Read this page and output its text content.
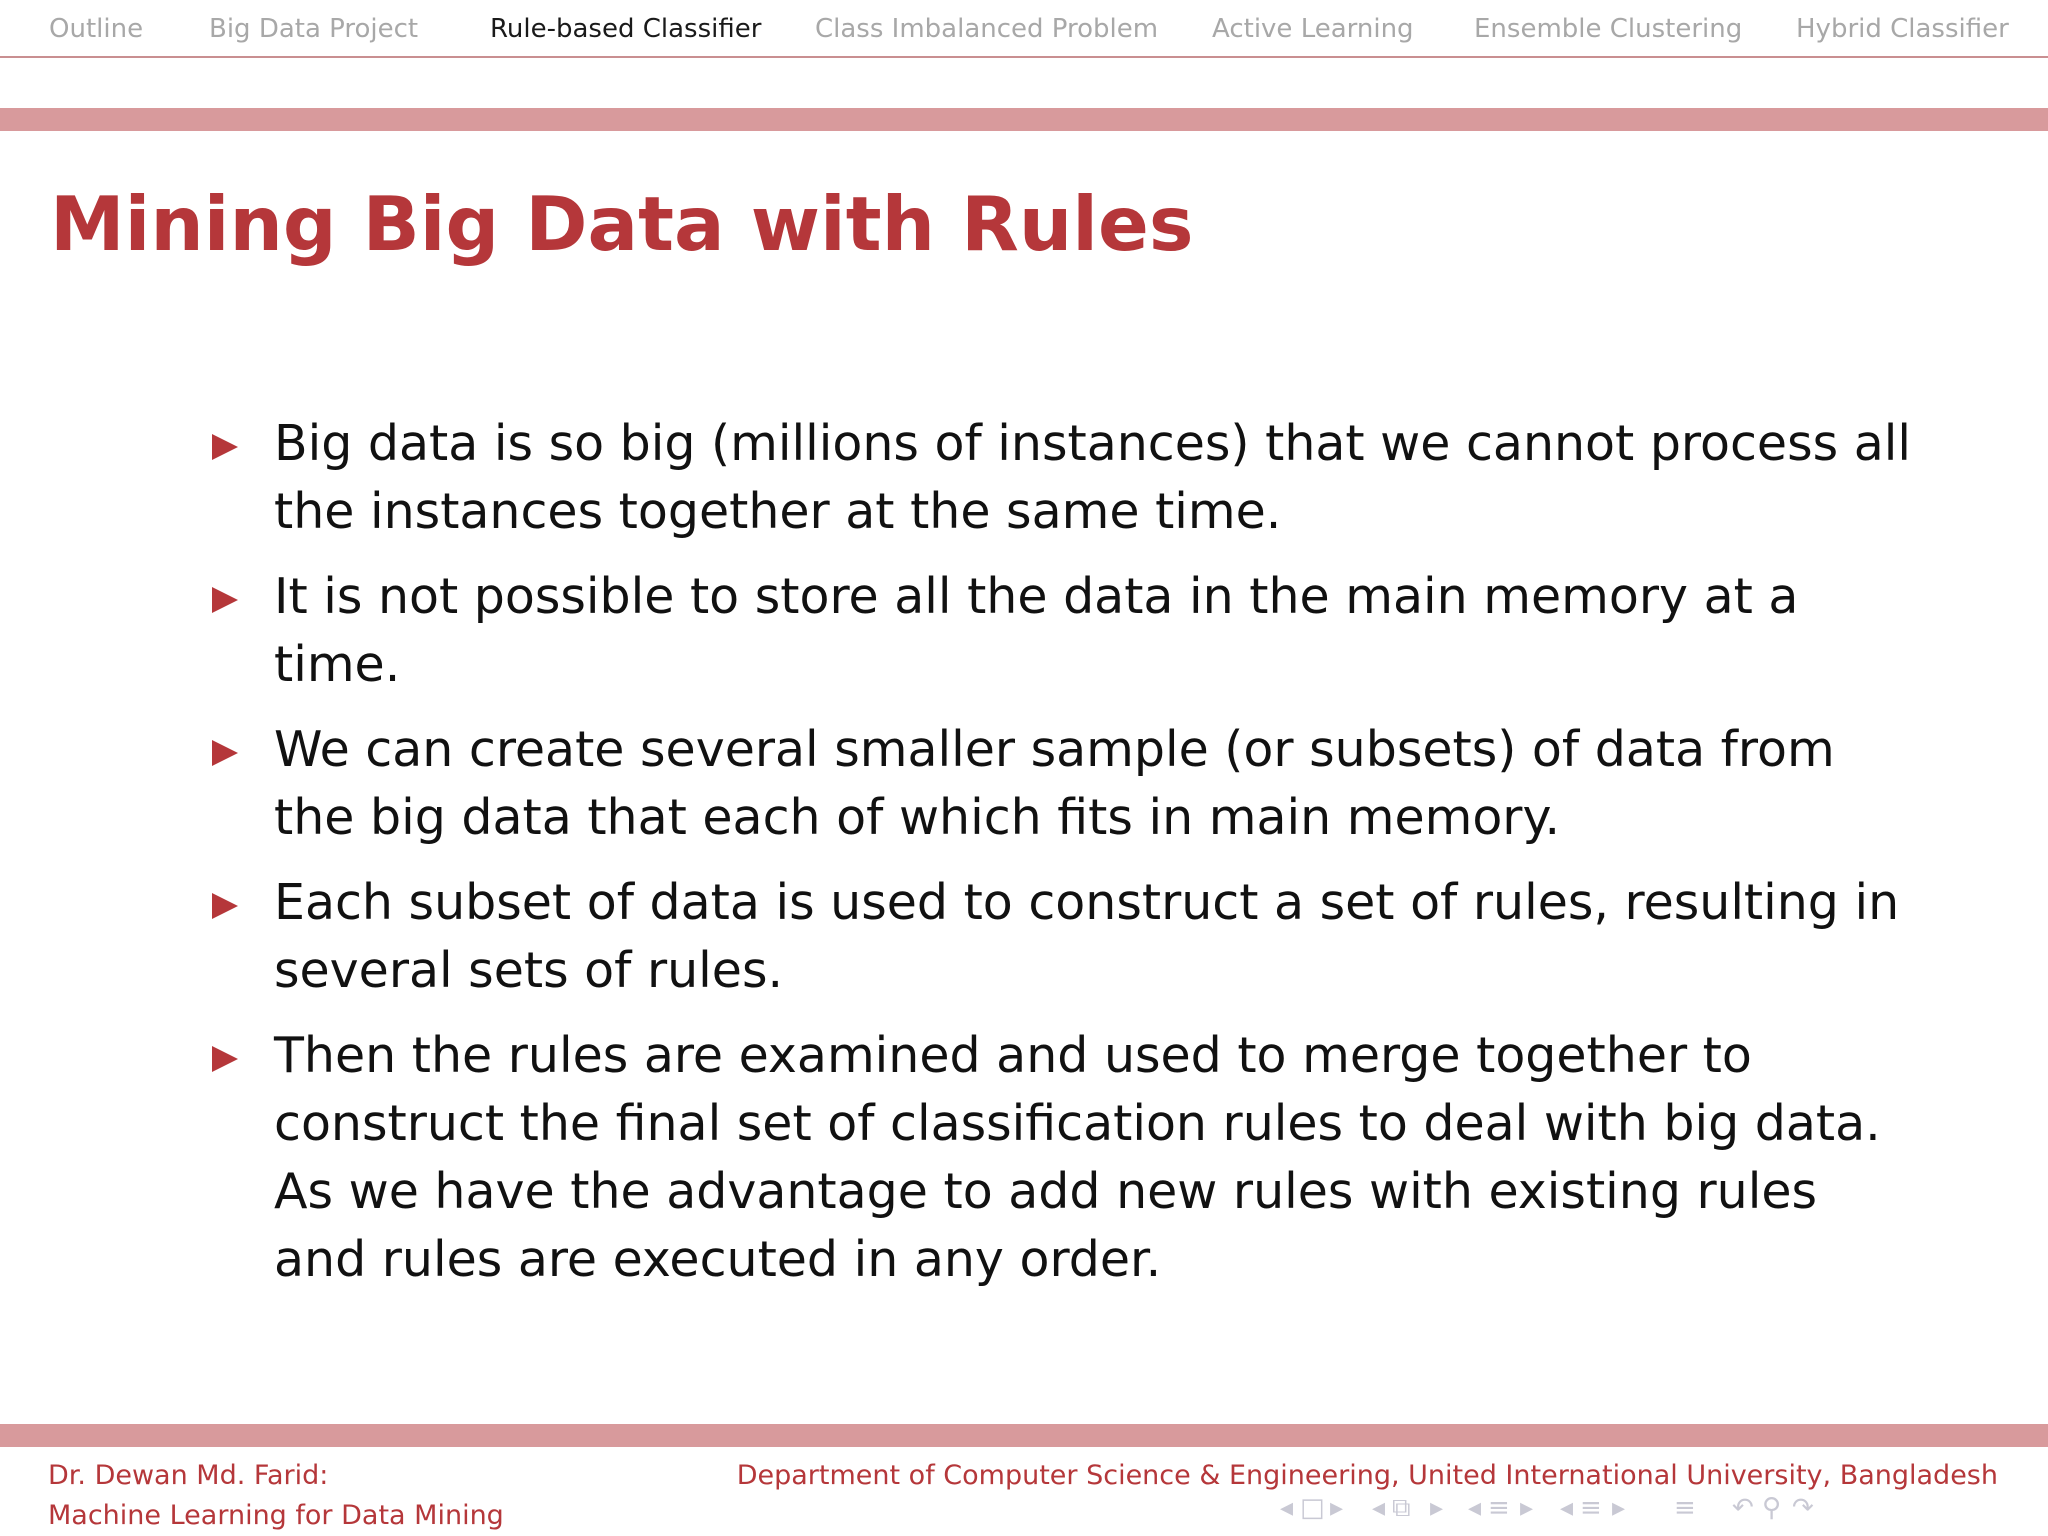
Outline	Big Data Project	Rule-based Classifier Class Imbalanced Problem Active Learning Ensemble Clustering Hybrid Classifier
Mining Big Data with Rules
Big data is so big (millions of instances) that we cannot process all the instances together at the same time.
It is not possible to store all the data in the main memory at a time.
We can create several smaller sample (or subsets) of data from the big data that each of which fits in main memory.
Each subset of data is used to construct a set of rules, resulting in several sets of rules.
Then the rules are examined and used to merge together to construct the final set of classification rules to deal with big data. As we have the advantage to add new rules with existing rules and rules are executed in any order.
Dr. Dewan Md. Farid:
Machine Learning for Data Mining
Department of Computer Science & Engineering, United International University, Bangladesh
◂ □ ▸ ◂ ⧉ ▸ ◂ ≡ ▸ ◂ ≡ ▸ ≡ ↶ ⚲ ↷
